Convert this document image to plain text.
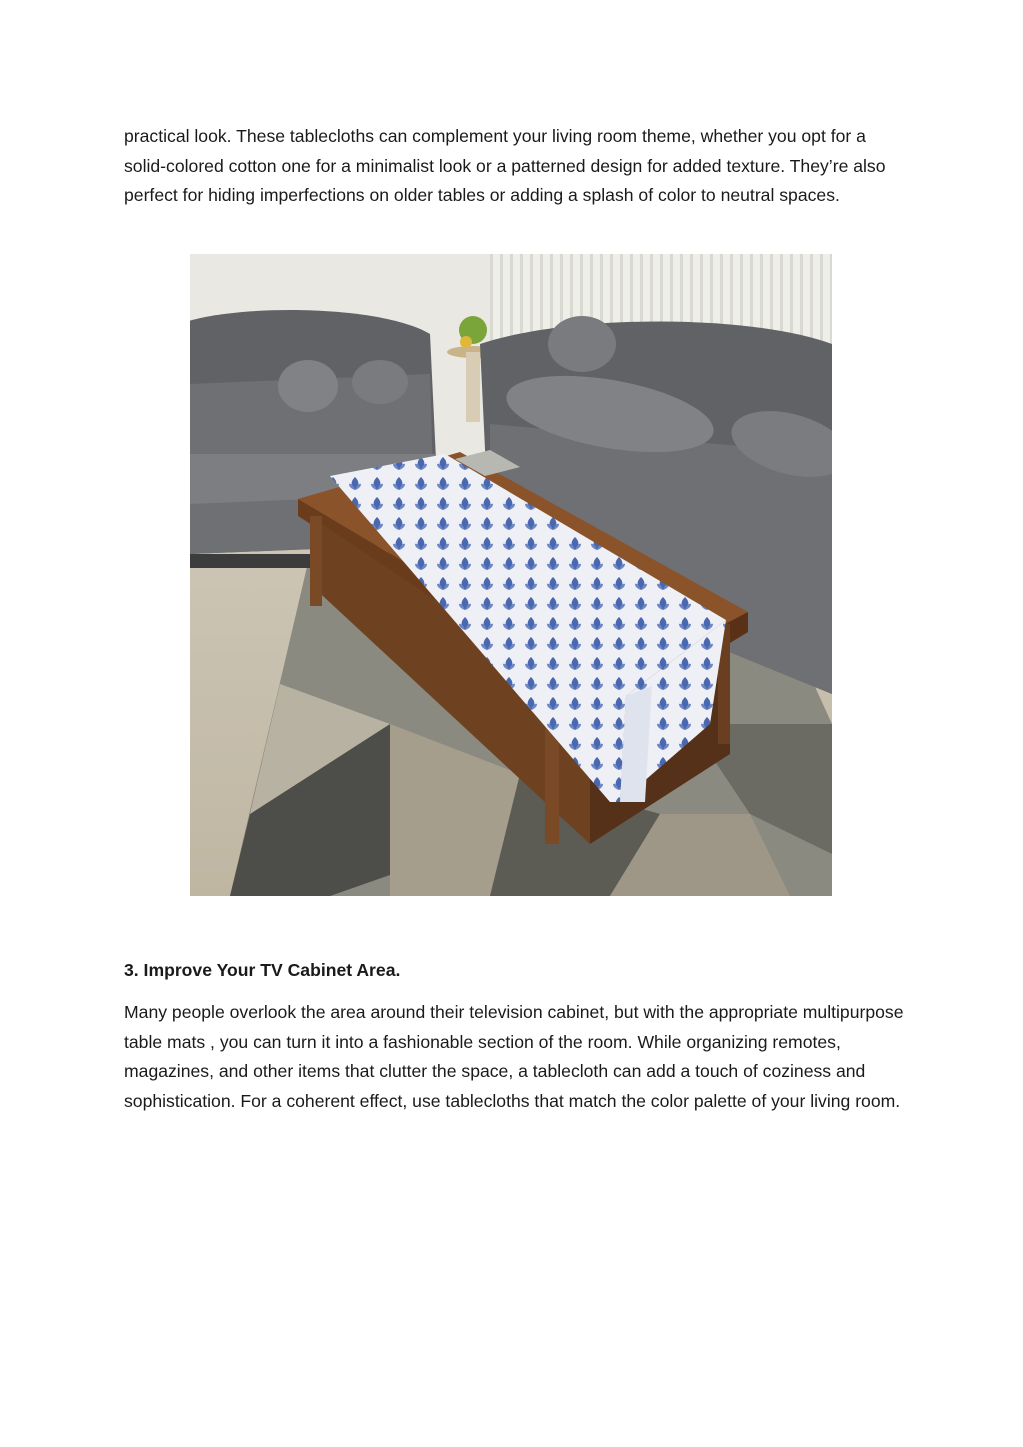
practical look. These tablecloths can complement your living room theme, whether you opt for a solid-colored cotton one for a minimalist look or a patterned design for added texture. They’re also perfect for hiding imperfections on older tables or adding a splash of color to neutral spaces.

3. Improve Your TV Cabinet Area.

Many people overlook the area around their television cabinet, but with the appropriate multipurpose table mats , you can turn it into a fashionable section of the room. While organizing remotes, magazines, and other items that clutter the space, a tablecloth can add a touch of coziness and sophistication. For a coherent effect, use tablecloths that match the color palette of your living room.
